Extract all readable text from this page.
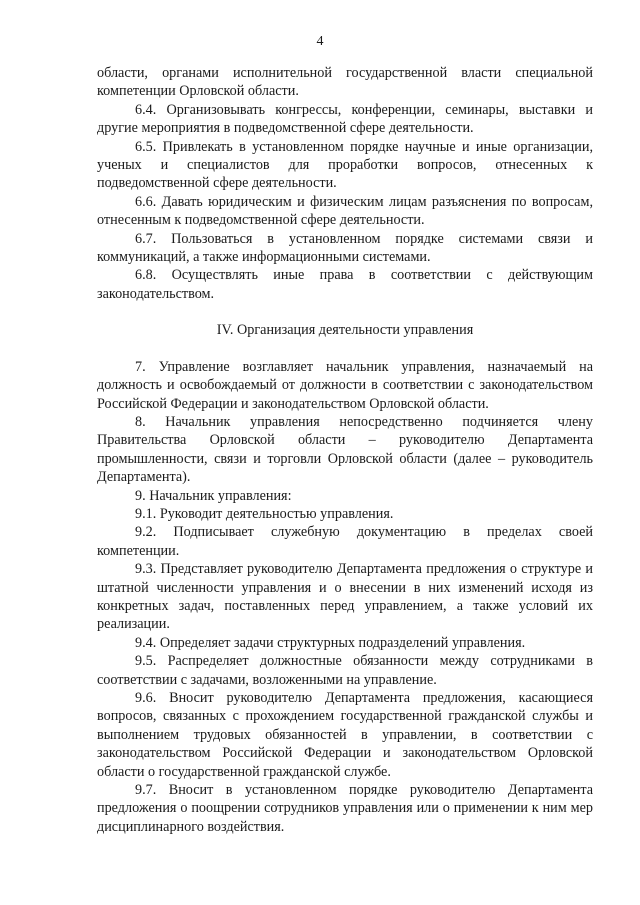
4

области, органами исполнительной государственной власти специальной компетенции Орловской области.

6.4. Организовывать конгрессы, конференции, семинары, выставки и другие мероприятия в подведомственной сфере деятельности.

6.5. Привлекать в установленном порядке научные и иные организации, ученых и специалистов для проработки вопросов, отнесенных к подведомственной сфере деятельности.

6.6. Давать юридическим и физическим лицам разъяснения по вопросам, отнесенным к подведомственной сфере деятельности.

6.7. Пользоваться в установленном порядке системами связи и коммуникаций, а также информационными системами.

6.8. Осуществлять иные права в соответствии с действующим законодательством.

IV. Организация деятельности управления

7. Управление возглавляет начальник управления, назначаемый на должность и освобождаемый от должности в соответствии с законодательством Российской Федерации и законодательством Орловской области.

8. Начальник управления непосредственно подчиняется члену Правительства Орловской области – руководителю Департамента промышленности, связи и торговли Орловской области (далее – руководитель Департамента).

9. Начальник управления:

9.1. Руководит деятельностью управления.

9.2. Подписывает служебную документацию в пределах своей компетенции.

9.3. Представляет руководителю Департамента предложения о структуре и штатной численности управления и о внесении в них изменений исходя из конкретных задач, поставленных перед управлением, а также условий их реализации.

9.4. Определяет задачи структурных подразделений управления.

9.5. Распределяет должностные обязанности между сотрудниками в соответствии с задачами, возложенными на управление.

9.6. Вносит руководителю Департамента предложения, касающиеся вопросов, связанных с прохождением государственной гражданской службы и выполнением трудовых обязанностей в управлении, в соответствии с законодательством Российской Федерации и законодательством Орловской области о государственной гражданской службе.

9.7. Вносит в установленном порядке руководителю Департамента предложения о поощрении сотрудников управления или о применении к ним мер дисциплинарного воздействия.
